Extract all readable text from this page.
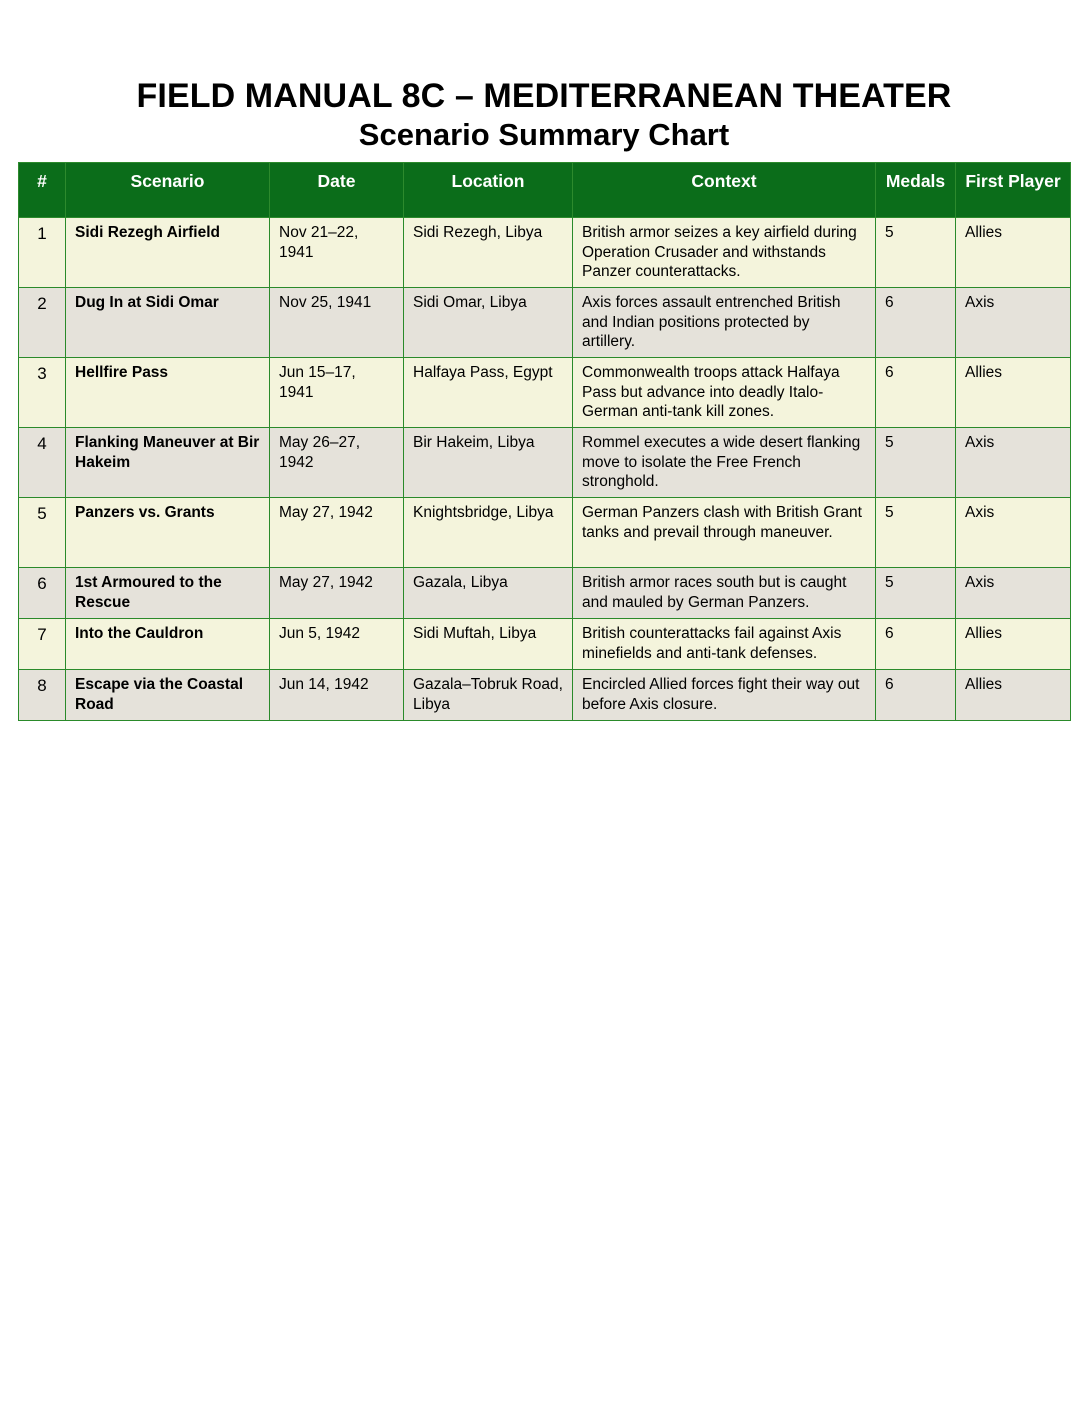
FIELD MANUAL 8C – MEDITERRANEAN THEATER
Scenario Summary Chart
#	Scenario	Date	Location	Context	Medals	First Player
1	Sidi Rezegh Airfield	Nov 21–22, 1941	Sidi Rezegh, Libya	British armor seizes a key airfield during Operation Crusader and withstands Panzer counterattacks.	5	Allies
2	Dug In at Sidi Omar	Nov 25, 1941	Sidi Omar, Libya	Axis forces assault entrenched British and Indian positions protected by artillery.	6	Axis
3	Hellfire Pass	Jun 15–17, 1941	Halfaya Pass, Egypt	Commonwealth troops attack Halfaya Pass but advance into deadly Italo-German anti-tank kill zones.	6	Allies
4	Flanking Maneuver at Bir Hakeim	May 26–27, 1942	Bir Hakeim, Libya	Rommel executes a wide desert flanking move to isolate the Free French stronghold.	5	Axis
5	Panzers vs. Grants	May 27, 1942	Knightsbridge, Libya	German Panzers clash with British Grant tanks and prevail through maneuver.	5	Axis
6	1st Armoured to the Rescue	May 27, 1942	Gazala, Libya	British armor races south but is caught and mauled by German Panzers.	5	Axis
7	Into the Cauldron	Jun 5, 1942	Sidi Muftah, Libya	British counterattacks fail against Axis minefields and anti-tank defenses.	6	Allies
8	Escape via the Coastal Road	Jun 14, 1942	Gazala–Tobruk Road, Libya	Encircled Allied forces fight their way out before Axis closure.	6	Allies
